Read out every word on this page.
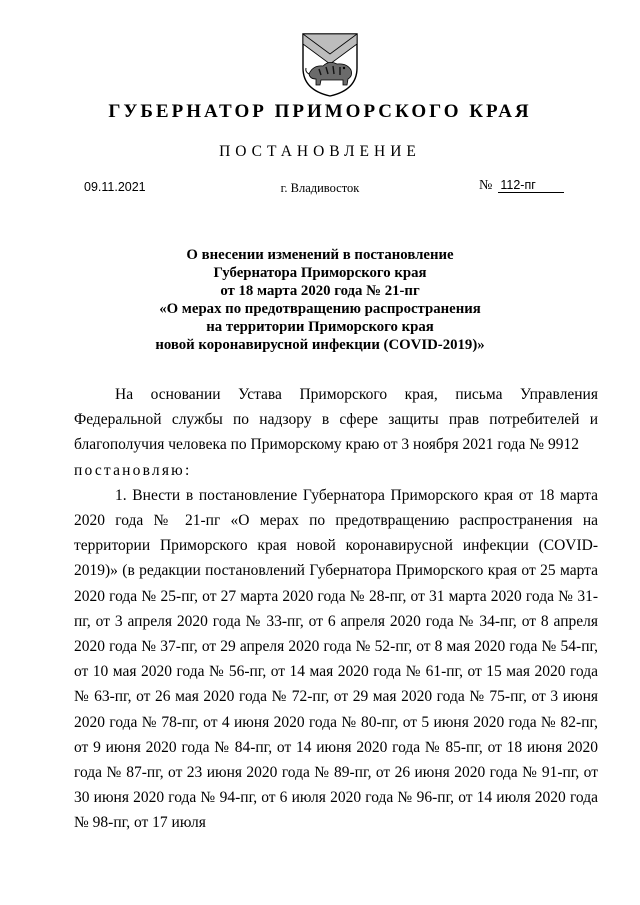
ГУБЕРНАТОР ПРИМОРСКОГО КРАЯ
ПОСТАНОВЛЕНИЕ
09.11.2021	г. Владивосток	№ 112-пг
О внесении изменений в постановление
Губернатора Приморского края
от 18 марта 2020 года № 21-пг
«О мерах по предотвращению распространения
на территории Приморского края
новой коронавирусной инфекции (COVID-2019)»

На основании Устава Приморского края, письма Управления Федеральной службы по надзору в сфере защиты прав потребителей и благополучия человека по Приморскому краю от 3 ноября 2021 года № 9912

постановляю:

1. Внести в постановление Губернатора Приморского края от 18 марта 2020 года № 21-пг «О мерах по предотвращению распространения на территории Приморского края новой коронавирусной инфекции (COVID-2019)» (в редакции постановлений Губернатора Приморского края от 25 марта 2020 года № 25-пг, от 27 марта 2020 года № 28-пг, от 31 марта 2020 года № 31-пг, от 3 апреля 2020 года № 33-пг, от 6 апреля 2020 года № 34-пг, от 8 апреля 2020 года № 37-пг, от 29 апреля 2020 года № 52-пг, от 8 мая 2020 года № 54-пг, от 10 мая 2020 года № 56-пг, от 14 мая 2020 года № 61-пг, от 15 мая 2020 года № 63-пг, от 26 мая 2020 года № 72-пг, от 29 мая 2020 года № 75-пг, от 3 июня 2020 года № 78-пг, от 4 июня 2020 года № 80-пг, от 5 июня 2020 года № 82-пг, от 9 июня 2020 года № 84-пг, от 14 июня 2020 года № 85-пг, от 18 июня 2020 года № 87-пг, от 23 июня 2020 года № 89-пг, от 26 июня 2020 года № 91-пг, от 30 июня 2020 года № 94-пг, от 6 июля 2020 года № 96-пг, от 14 июля 2020 года № 98-пг, от 17 июля
